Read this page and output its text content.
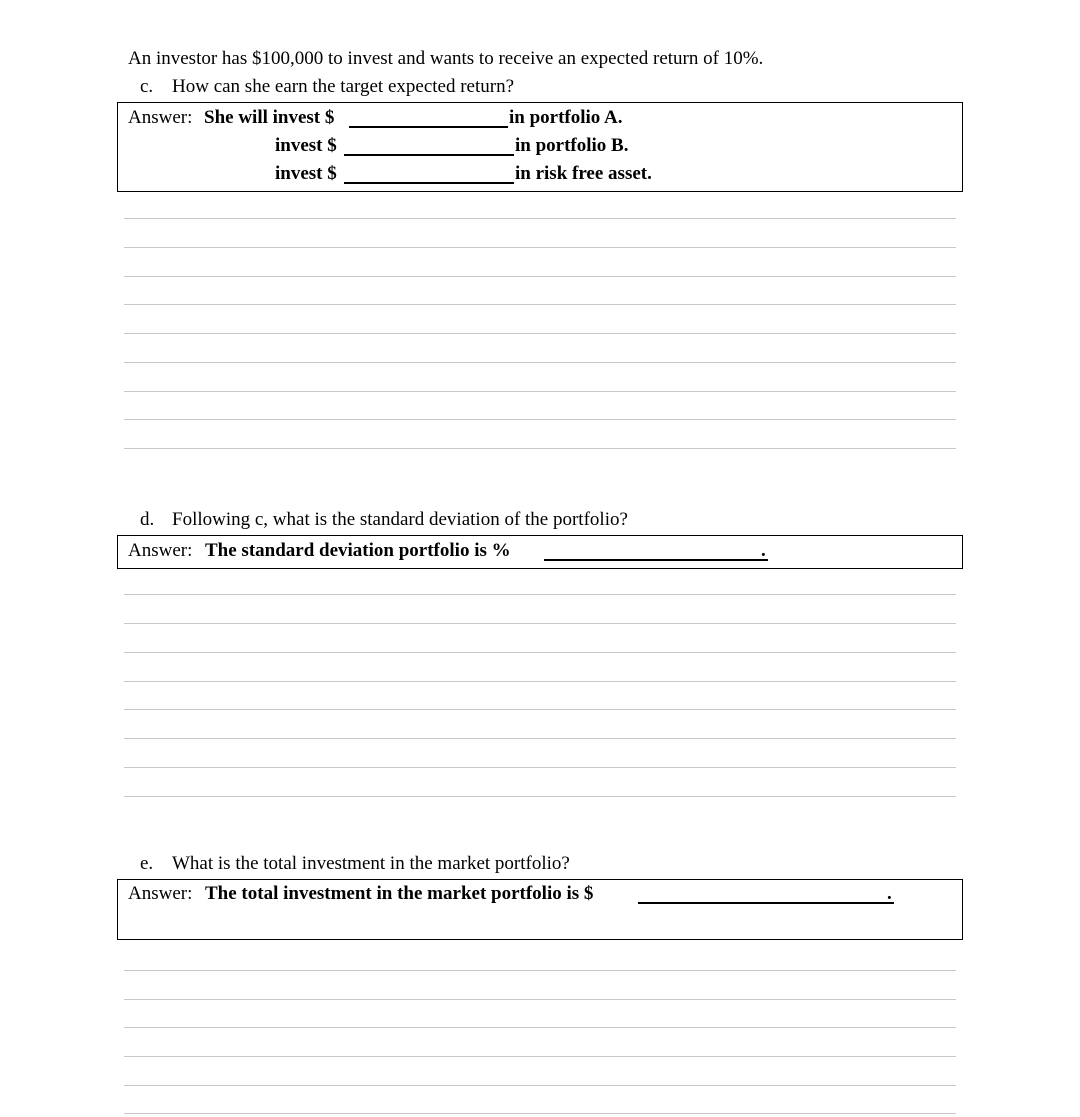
An investor has $100,000 to invest and wants to receive an expected return of 10%.
c. How can she earn the target expected return?
Answer: She will invest $	in portfolio A.
invest $	in portfolio B.
invest $	in risk free asset.
d. Following c, what is the standard deviation of the portfolio?
Answer: The standard deviation portfolio is %	.
e. What is the total investment in the market portfolio?
Answer: The total investment in the market portfolio is $	.
